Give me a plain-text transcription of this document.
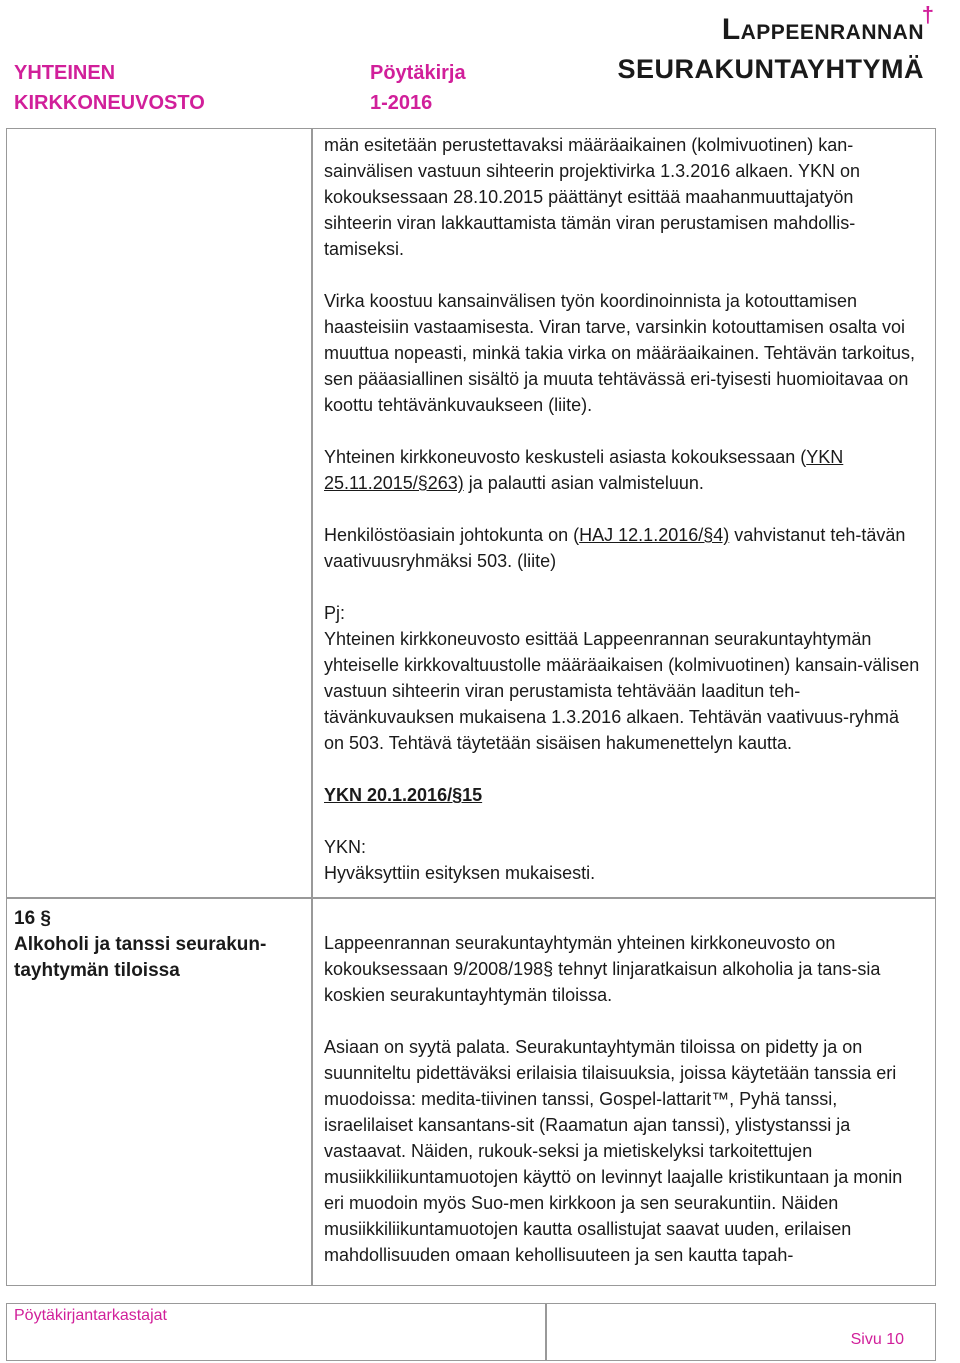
YHTEINEN
KIRKKONEUVOSTO
Pöytäkirja
1-2016
Lappeenrannan
SEURAKUNTAYHTYMÄ
†

män esitetään perustettavaksi määräaikainen (kolmivuotinen) kan-sainvälisen vastuun sihteerin projektivirka 1.3.2016 alkaen. YKN on kokouksessaan 28.10.2015 päättänyt esittää maahanmuuttajatyön sihteerin viran lakkauttamista tämän viran perustamisen mahdollis-tamiseksi.

Virka koostuu kansainvälisen työn koordinoinnista ja kotouttamisen haasteisiin vastaamisesta. Viran tarve, varsinkin kotouttamisen osalta voi muuttua nopeasti, minkä takia virka on määräaikainen. Tehtävän tarkoitus, sen pääasiallinen sisältö ja muuta tehtävässä eri-tyisesti huomioitavaa on koottu tehtävänkuvaukseen (liite).

Yhteinen kirkkoneuvosto keskusteli asiasta kokouksessaan (YKN 25.11.2015/§263) ja palautti asian valmisteluun.

Henkilöstöasiain johtokunta on (HAJ 12.1.2016/§4) vahvistanut teh-tävän vaativuusryhmäksi 503. (liite)

Pj:

Yhteinen kirkkoneuvosto esittää Lappeenrannan seurakuntayhtymän yhteiselle kirkkovaltuustolle määräaikaisen (kolmivuotinen) kansain-välisen vastuun sihteerin viran perustamista tehtävään laaditun teh-tävänkuvauksen mukaisena 1.3.2016 alkaen. Tehtävän vaativuus-ryhmä on 503. Tehtävä täytetään sisäisen hakumenettelyn kautta.

YKN 20.1.2016/§15

YKN:

Hyväksyttiin esityksen mukaisesti.

16 §
Alkoholi ja tanssi seurakun-tayhtymän tiloissa

Lappeenrannan seurakuntayhtymän yhteinen kirkkoneuvosto on kokouksessaan 9/2008/198§ tehnyt linjaratkaisun alkoholia ja tans-sia koskien seurakuntayhtymän tiloissa.

Asiaan on syytä palata. Seurakuntayhtymän tiloissa on pidetty ja on suunniteltu pidettäväksi erilaisia tilaisuuksia, joissa käytetään tanssia eri muodoissa: medita-tiivinen tanssi, Gospel-lattarit™, Pyhä tanssi, israelilaiset kansantans-sit (Raamatun ajan tanssi), ylistystanssi ja vastaavat. Näiden, rukouk-seksi ja mietiskelyksi tarkoitettujen musiikkiliikuntamuotojen käyttö on levinnyt laajalle kristikuntaan ja monin eri muodoin myös Suo-men kirkkoon ja sen seurakuntiin. Näiden musiikkiliikuntamuotojen kautta osallistujat saavat uuden, erilaisen mahdollisuuden omaan kehollisuuteen ja sen kautta tapah-

Pöytäkirjantarkastajat
Sivu 10
